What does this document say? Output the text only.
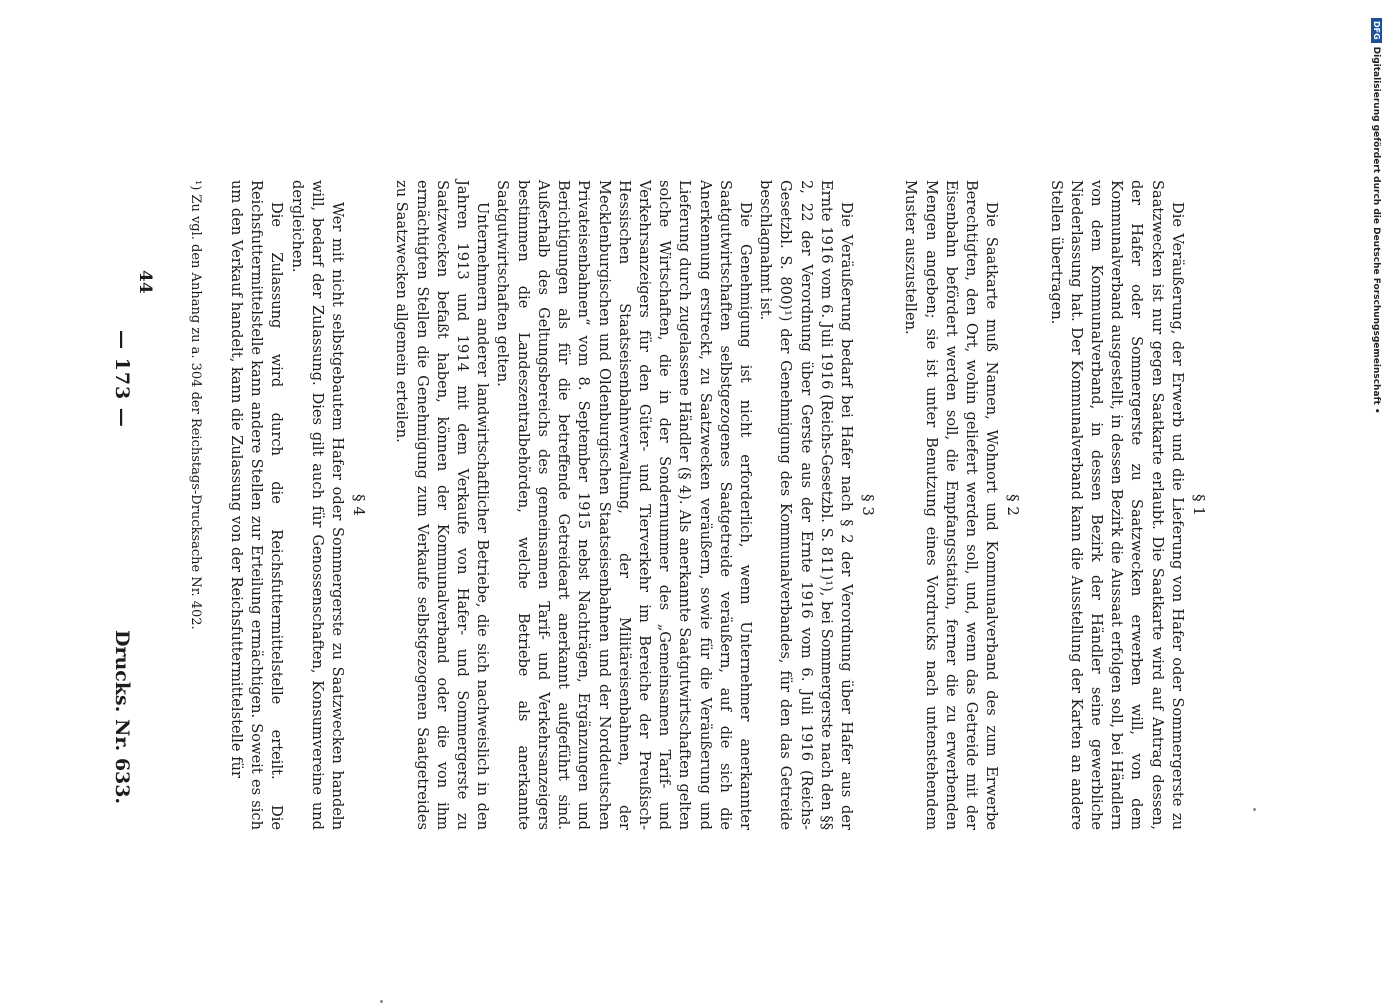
§ 1

Die Veräußerung, der Erwerb und die Lieferung von Hafer oder Sommergerste zu Saatzwecken ist nur gegen Saatkarte erlaubt. Die Saatkarte wird auf Antrag dessen, der Hafer oder Sommergerste zu Saatzwecken erwerben will, von dem Kommunalverband ausgestellt, in dessen Bezirk die Aussaat erfolgen soll, bei Händlern von dem Kommunalverband, in dessen Bezirk der Händler seine gewerbliche Niederlassung hat. Der Kommunalverband kann die Ausstellung der Karten an andere Stellen übertragen.

§ 2

Die Saatkarte muß Namen, Wohnort und Kommunalverband des zum Erwerbe Berechtigten, den Ort, wohin geliefert werden soll, und, wenn das Getreide mit der Eisenbahn befördert werden soll, die Empfangsstation, ferner die zu erwerbenden Mengen angeben; sie ist unter Benutzung eines Vordrucks nach untenstehendem Muster auszustellen.

§ 3

Die Veräußerung bedarf bei Hafer nach § 2 der Verordnung über Hafer aus der Ernte 1916 vom 6. Juli 1916 (Reichs-Gesetzbl. S. 811)¹), bei Sommergerste nach den §§ 2, 22 der Verordnung über Gerste aus der Ernte 1916 vom 6. Juli 1916 (Reichs-Gesetzbl. S. 800)¹) der Genehmigung des Kommunalverbandes, für den das Getreide beschlagnahmt ist.

Die Genehmigung ist nicht erforderlich, wenn Unternehmer anerkannter Saatgutwirtschaften selbstgezogenes Saatgetreide veräußern, auf die sich die Anerkennung erstreckt, zu Saatzwecken veräußern, sowie für die Veräußerung und Lieferung durch zugelassene Händler (§ 4). Als anerkannte Saatgutwirtschaften gelten solche Wirtschaften, die in der Sondernummer des „Gemeinsamen Tarif- und Verkehrsanzeigers für den Güter- und Tierverkehr im Bereiche der Preußisch-Hessischen Staatseisenbahnverwaltung, der Militäreisenbahnen, der Mecklenburgischen und Oldenburgischen Staatseisenbahnen und der Norddeutschen Privateisenbahnen“ vom 8. September 1915 nebst Nachträgen, Ergänzungen und Berichtigungen als für die betreffende Getreideart anerkannt aufgeführt sind. Außerhalb des Geltungsbereichs des gemeinsamen Tarif- und Verkehrsanzeigers bestimmen die Landeszentralbehörden, welche Betriebe als anerkannte Saatgutwirtschaften gelten.

Unternehmern anderer landwirtschaftlicher Betriebe, die sich nachweislich in den Jahren 1913 und 1914 mit dem Verkaufe von Hafer- und Sommergerste zu Saatzwecken befaßt haben, können der Kommunalverband oder die von ihm ermächtigten Stellen die Genehmigung zum Verkaufe selbstgezogenen Saatgetreides zu Saatzwecken allgemein erteilen.

§ 4

Wer mit nicht selbstgebautem Hafer oder Sommergerste zu Saatzwecken handeln will, bedarf der Zulassung. Dies gilt auch für Genossenschaften, Konsumvereine und dergleichen.

Die Zulassung wird durch die Reichsfuttermittelstelle erteilt. Die Reichsfuttermittelstelle kann andere Stellen zur Erteilung ermächtigen. Soweit es sich um den Verkauf handelt, kann die Zulassung von der Reichsfuttermittelstelle für

¹) Zu vgl. den Anhang zu a. 304 der Reichstags-Drucksache Nr. 402.
44
— 173 —
Drucks. Nr. 633.
DFG
Digitalisierung gefördert durch die Deutsche Forschungsgemeinschaft •
